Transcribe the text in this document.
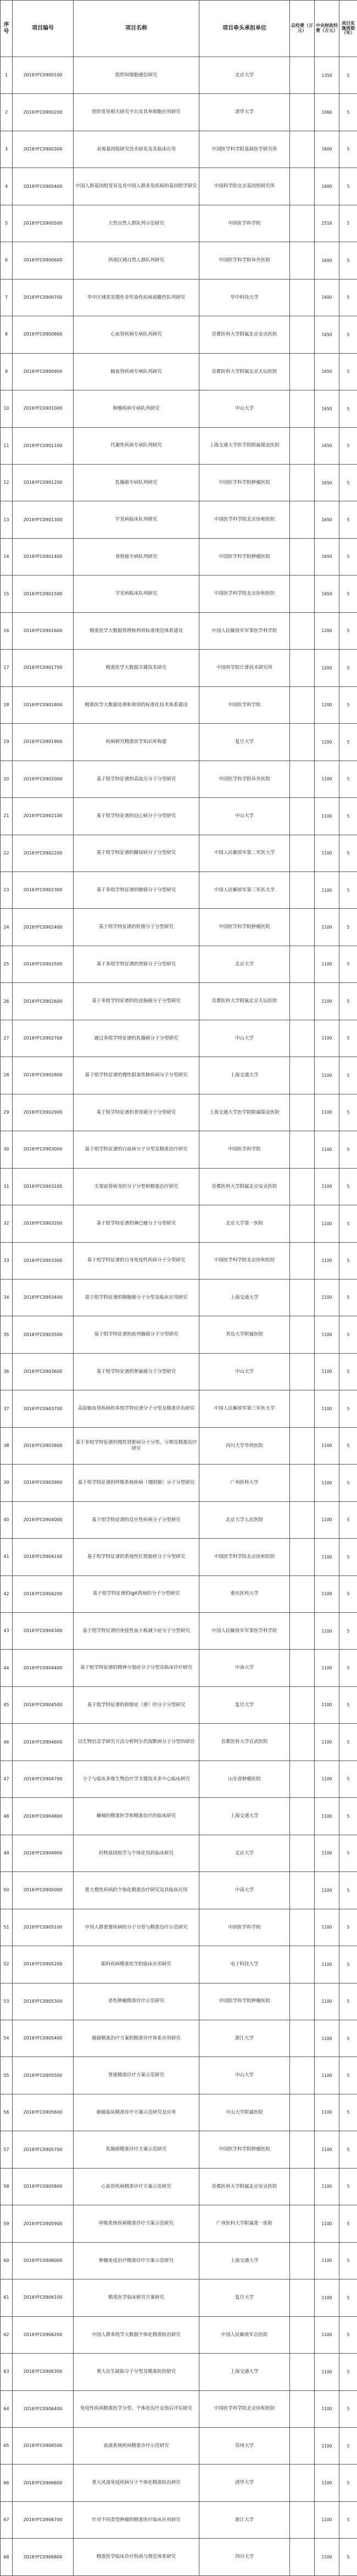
序号	项目编号	项目名称	项目牵头承担单位	总经费（万元）	中央财政经费（万元）	项目实施周期（年）
1	2016YFC0900100	组织间细胞通信研究	北京大学		1350	5
2	2016YFC0900200	组织变异相关研究平台及其单细胞应用研究	清华大学		1060	5
3	2016YFC0900300	表观基因组研究技术研发及其临床应用	中国医学科学院基础医学研究所		1600	5
4	2016YFC0900400	中国人群基因组变异及其中国人群多发疾病的基因组学研究	中国科学院北京基因组研究所		1600	5
5	2016YFC0900500	大型自然人群队列示范研究	中国医学科学院		2516	5
6	2016YFC0900600	西部区域自然人群队列研究	中国医学科学院阜外医院		1600	5
7	2016YFC0900700	华中区域常见慢性非传染性疾病前瞻性队列研究	华中科技大学		1600	5
8	2016YFC0900800	心血管疾病专病队列研究	首都医科大学附属北京安贞医院		1650	5
9	2016YFC0900900	脑血管疾病专病队列研究	首都医科大学附属北京天坛医院		1650	5
10	2016YFC0901000	肿瘤疾病专病队列研究	中山大学		1650	5
11	2016YFC0901100	代谢性疾病专病队列研究	上海交通大学医学院附属瑞金医院		1650	5
12	2016YFC0901200	乳腺癌专病队列研究	中国医学科学院肿瘤医院		1650	5
13	2016YFC0901300	罕见病临床队列研究	中国医学科学院北京协和医院		1650	5
14	2016YFC0901400	食管癌专病队列研究	中国医学科学院肿瘤医院		1650	5
15	2016YFC0901500	罕见病临床队列研究	中国医学科学院北京协和医院		1650	5
16	2016YFC0901600	精准医学大数据管理和利用标准规范体系建设	中国人民解放军军事医学科学院		1200	5
17	2016YFC0901700	精准医学大数据关键技术研究	中国科学院计算技术研究所		1200	5
18	2016YFC0901800	精准医学大数据处理和利用的标准化技术体系建设	中国医学科学院		1200	5
19	2016YFC0901900	疾病研究精准医学知识库构建	复旦大学		1200	5
20	2016YFC0902000	基于组学特征谱的高血压分子分型研究	中国医学科学院阜外医院		1100	5
21	2016YFC0902100	基于组学特征谱的冠心病分子分型研究	中山大学		1100	5
22	2016YFC0902200	基于组学特征谱的糖尿病分子分型研究	中国人民解放军第二军医大学		1100	5
23	2016YFC0902300	基于多组学特征谱的肺癌分子分型研究	中国人民解放军第三军医大学		1100	5
24	2016YFC0902400	基于组学特征谱的肝癌分子分型研究	中国医学科学院肿瘤医院		1100	5
25	2016YFC0902500	基于多组学特征谱的胃癌分子分型研究	北京大学		1100	5
26	2016YFC0902600	基于多组学特征谱的结直肠癌分子分型研究	首都医科大学附属北京天坛医院		1100	5
27	2016YFC0902700	通过多组学特征谱的乳腺癌分子分型研究	中山大学		1100	5
28	2016YFC0902800	基于组学特征谱的慢性阻塞性肺疾病分子分型研究	上海交通大学		1100	5
29	2016YFC0902900	基于组学特征谱的食管癌分子分型研究	上海交通大学医学院附属瑞金医院		1100	5
30	2016YFC0903000	基于组学特征谱的白血病分子分型及精准治疗研究	中国医学科学院		1100	5
31	2016YFC0903100	支架血管病变的分子分型和精准治疗研究	首都医科大学附属北京安贞医院		1100	5
32	2016YFC0903200	基于组学特征谱的淋巴瘤分子分型研究	北京大学第一医院		1100	5
33	2016YFC0903300	基于组学特征谱的自身免疫性疾病分子分型研究	中国医学科学院北京协和医院		1100	5
34	2016YFC0903400	基于组学特征谱的胰腺癌分子分型及临床应用研究	上海交通大学		1100	5
35	2016YFC0903500	基于组学特征谱的前列腺癌分子分型研究	青岛大学附属医院		1100	5
36	2016YFC0903600	基于组学特征谱的卵巢癌分子分型研究	中山大学		1100	5
37	2016YFC0903700	高原脑血管疾病的多组学特征谱分子分型及精准诊治研究	中国人民解放军第三军医大学		1100	5
38	2016YFC0903800	基于多组学特征谱的慢性肾脏病分子分型、分期及精准治疗研究	四川大学华西医院		1100	5
39	2016YFC0903900	基于组学特征谱的呼吸系统疾病（慢阻肺）分子分型研究	广州医科大学		1100	5
40	2016YFC0904000	基于组学特征谱的反应性疾病分子分型研究	北京大学人民医院		1100	5
41	2016YFC0904100	基于组学特征谱的系统性红斑狼疮分子分型研究	中国医学科学院北京协和医院		1100	5
42	2016YFC0904200	基于组学特征谱的IgA肾病的分子分型研究	重庆医科大学		1100	5
43	2016YFC0904300	基于组学特征谱的免疫性血小板减少症分子分型研究	中国人民解放军军事医学科学院		1100	5
44	2016YFC0904400	基于组学特征谱的精神分裂症分子分型及临床诊疗研究	中南大学		1100	5
45	2016YFC0904500	基于组学特征谱的抑郁症（重）的分子分型研究	复旦大学		1100	5
46	2016YFC0904600	以生物信息学研究方法分析阿尔茨海默病分子分型的研究	首都医科大学宣武医院		1100	5
47	2016YFC0904700	分子与临床多维生物治疗学关键技术多中心临床研究	山东省肿瘤医院		1100	5
48	2016YFC0904800	癫痫的精准医学和精准治疗的临床研究	上海交通大学		1100	5
49	2016YFC0904900	药物基因组学与个体化用药临床研究	北京大学		1100	5
50	2016YFC0905000	重大慢性疾病的个体化精准治疗研究及其临床应用	中南大学		1100	5
51	2016YFC0905100	中国人群重要疾病的分子分型与精准治疗示范研究	中国医学科学院		1100	5
52	2016YFC0905200	眼科疾病精准医学的临床应用研究	电子科技大学		1100	5
53	2016YFC0905300	恶性肿瘤精准诊疗示范研究	中国医学科学院肿瘤医院		1100	5
54	2016YFC0905400	肠癌精准治疗方案的精准诊疗体系应用研究	浙江大学		1100	5
55	2016YFC0905500	胃癌精准诊疗方案示范研究	中山大学		1100	5
56	2016YFC0905600	肺癌临床精准诊疗方案示范研究及应用	中山大学附属医院		1100	5
57	2016YFC0905700	乳腺癌精准诊疗方案示范研究	中国医学科学院肿瘤医院		1100	5
58	2016YFC0905800	心血管疾病精准诊疗方案示范研究	首都医科大学附属北京安贞医院		1100	5
59	2016YFC0905900	呼吸系统疾病精准诊疗方案示范研究	广州医科大学附属第一医院		1100	5
60	2016YFC0906000	肿瘤免疫治疗精准诊疗方案示范研究	上海交通大学		1100	5
61	2016YFC0906100	精准医学临床研究方案研究	复旦大学		1100	5
62	2016YFC0906200	中国人群多组学大数据个体化精准防治研究	中国人民解放军总医院		1100	5
63	2016YFC0906300	重大出生缺陷分子分型及精准防控研究	上海交通大学		1100	5
64	2016YFC0906400	免疫性疾病精准医学分型、个体化治疗及预后评估研究	中国医学科学院北京协和医院		1100	5
65	2016YFC0906500	血液系统疾病精准诊疗示范研究	苏州大学		1100	5
66	2016YFC0906600	重大风湿免疫疾病分子个体化精准防治研究	清华大学		1100	5
67	2016YFC0906700	针对不同类型肿瘤的精准医疗临床应用研究	浙江大学		1100	5
68	2016YFC0906800	精准医学临床诊疗指南与规范体系研究	四川大学		1100	5
